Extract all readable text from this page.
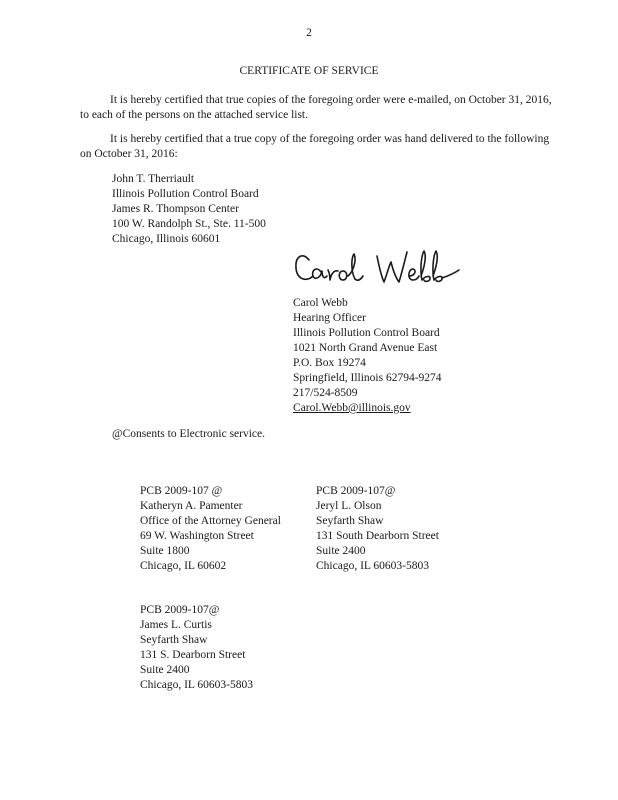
2
CERTIFICATE OF SERVICE

It is hereby certified that true copies of the foregoing order were e-mailed, on October 31, 2016, to each of the persons on the attached service list.

It is hereby certified that a true copy of the foregoing order was hand delivered to the following on October 31, 2016:

John T. Therriault
Illinois Pollution Control Board
James R. Thompson Center
100 W. Randolph St., Ste. 11-500
Chicago, Illinois 60601
Carol Webb
Hearing Officer
Illinois Pollution Control Board
1021 North Grand Avenue East
P.O. Box 19274
Springfield, Illinois 62794-9274
217/524-8509
Carol.Webb@illinois.gov
@Consents to Electronic service.
PCB 2009-107 @
Katheryn A. Pamenter
Office of the Attorney General
69 W. Washington Street
Suite 1800
Chicago, IL 60602
PCB 2009-107@
Jeryl L. Olson
Seyfarth Shaw
131 South Dearborn Street
Suite 2400
Chicago, IL 60603-5803
PCB 2009-107@
James L. Curtis
Seyfarth Shaw
131 S. Dearborn Street
Suite 2400
Chicago, IL 60603-5803
